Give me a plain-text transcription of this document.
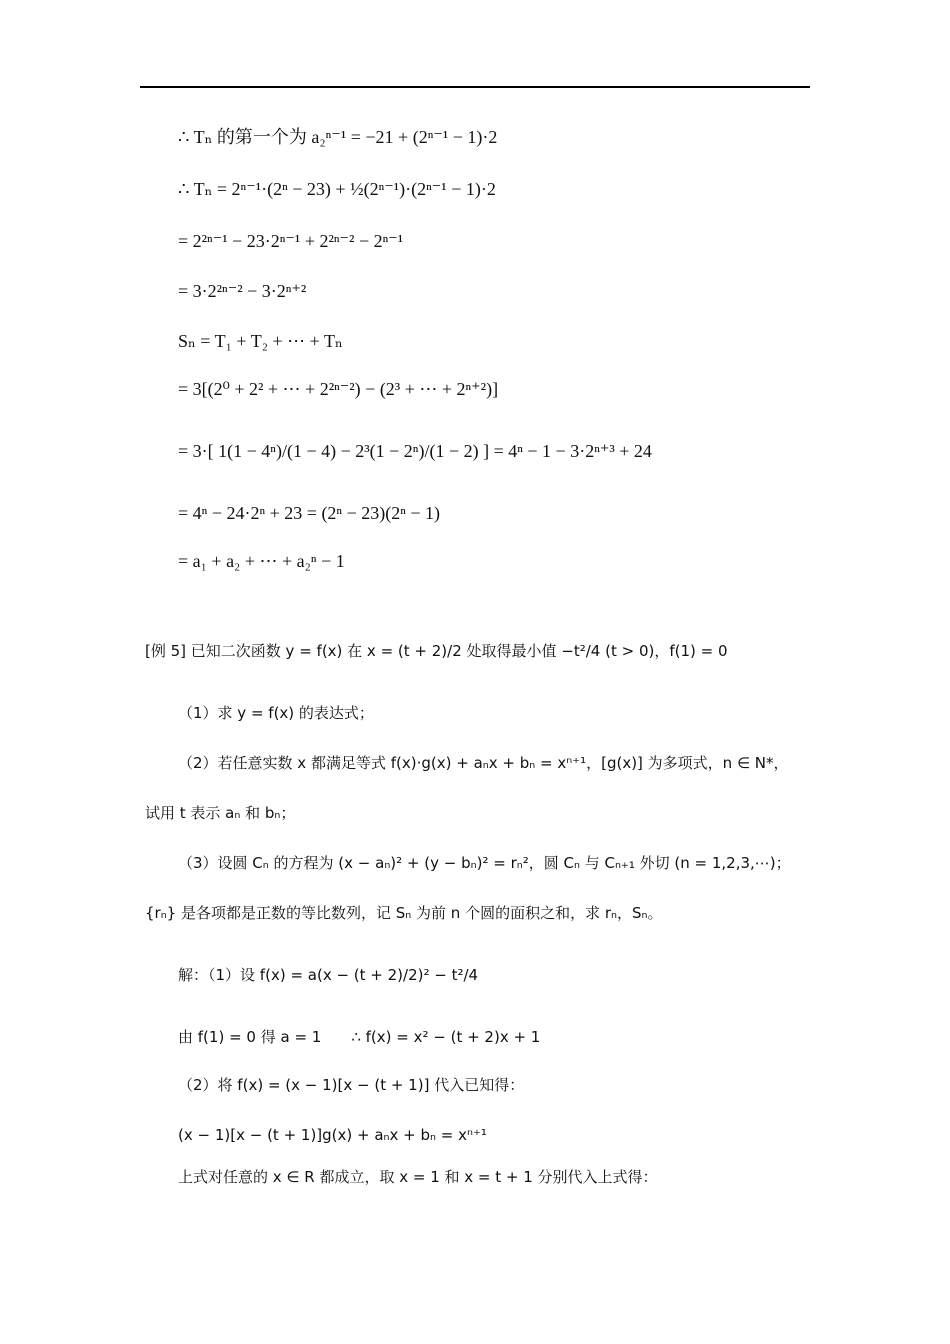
∴ Tₙ 的第一个为 a₂ⁿ⁻¹ = −21 + (2ⁿ⁻¹ − 1)·2
∴ Tₙ = 2ⁿ⁻¹·(2ⁿ − 23) + ½(2ⁿ⁻¹)·(2ⁿ⁻¹ − 1)·2
= 2²ⁿ⁻¹ − 23·2ⁿ⁻¹ + 2²ⁿ⁻² − 2ⁿ⁻¹
= 3·2²ⁿ⁻² − 3·2ⁿ⁺²
Sₙ = T₁ + T₂ + ⋯ + Tₙ
= 3[(2⁰ + 2² + ⋯ + 2²ⁿ⁻²) − (2³ + ⋯ + 2ⁿ⁺²)]
= 3·[ 1(1 − 4ⁿ)/(1 − 4) − 2³(1 − 2ⁿ)/(1 − 2) ] = 4ⁿ − 1 − 3·2ⁿ⁺³ + 24
= 4ⁿ − 24·2ⁿ + 23 = (2ⁿ − 23)(2ⁿ − 1)
= a₁ + a₂ + ⋯ + a₂ⁿ − 1
[例 5] 已知二次函数 y = f(x) 在 x = (t + 2)/2 处取得最小值 −t²/4 (t > 0)，f(1) = 0
（1）求 y = f(x) 的表达式；
（2）若任意实数 x 都满足等式 f(x)·g(x) + aₙx + bₙ = xⁿ⁺¹，[g(x)] 为多项式，n ∈ N*，
试用 t 表示 aₙ 和 bₙ；
（3）设圆 Cₙ 的方程为 (x − aₙ)² + (y − bₙ)² = rₙ²，圆 Cₙ 与 Cₙ₊₁ 外切 (n = 1,2,3,⋯)；
{rₙ} 是各项都是正数的等比数列，记 Sₙ 为前 n 个圆的面积之和，求 rₙ，Sₙ。
解：（1）设 f(x) = a(x − (t + 2)/2)² − t²/4
由 f(1) = 0 得 a = 1　　∴ f(x) = x² − (t + 2)x + 1
（2）将 f(x) = (x − 1)[x − (t + 1)] 代入已知得：
(x − 1)[x − (t + 1)]g(x) + aₙx + bₙ = xⁿ⁺¹
上式对任意的 x ∈ R 都成立，取 x = 1 和 x = t + 1 分别代入上式得：
